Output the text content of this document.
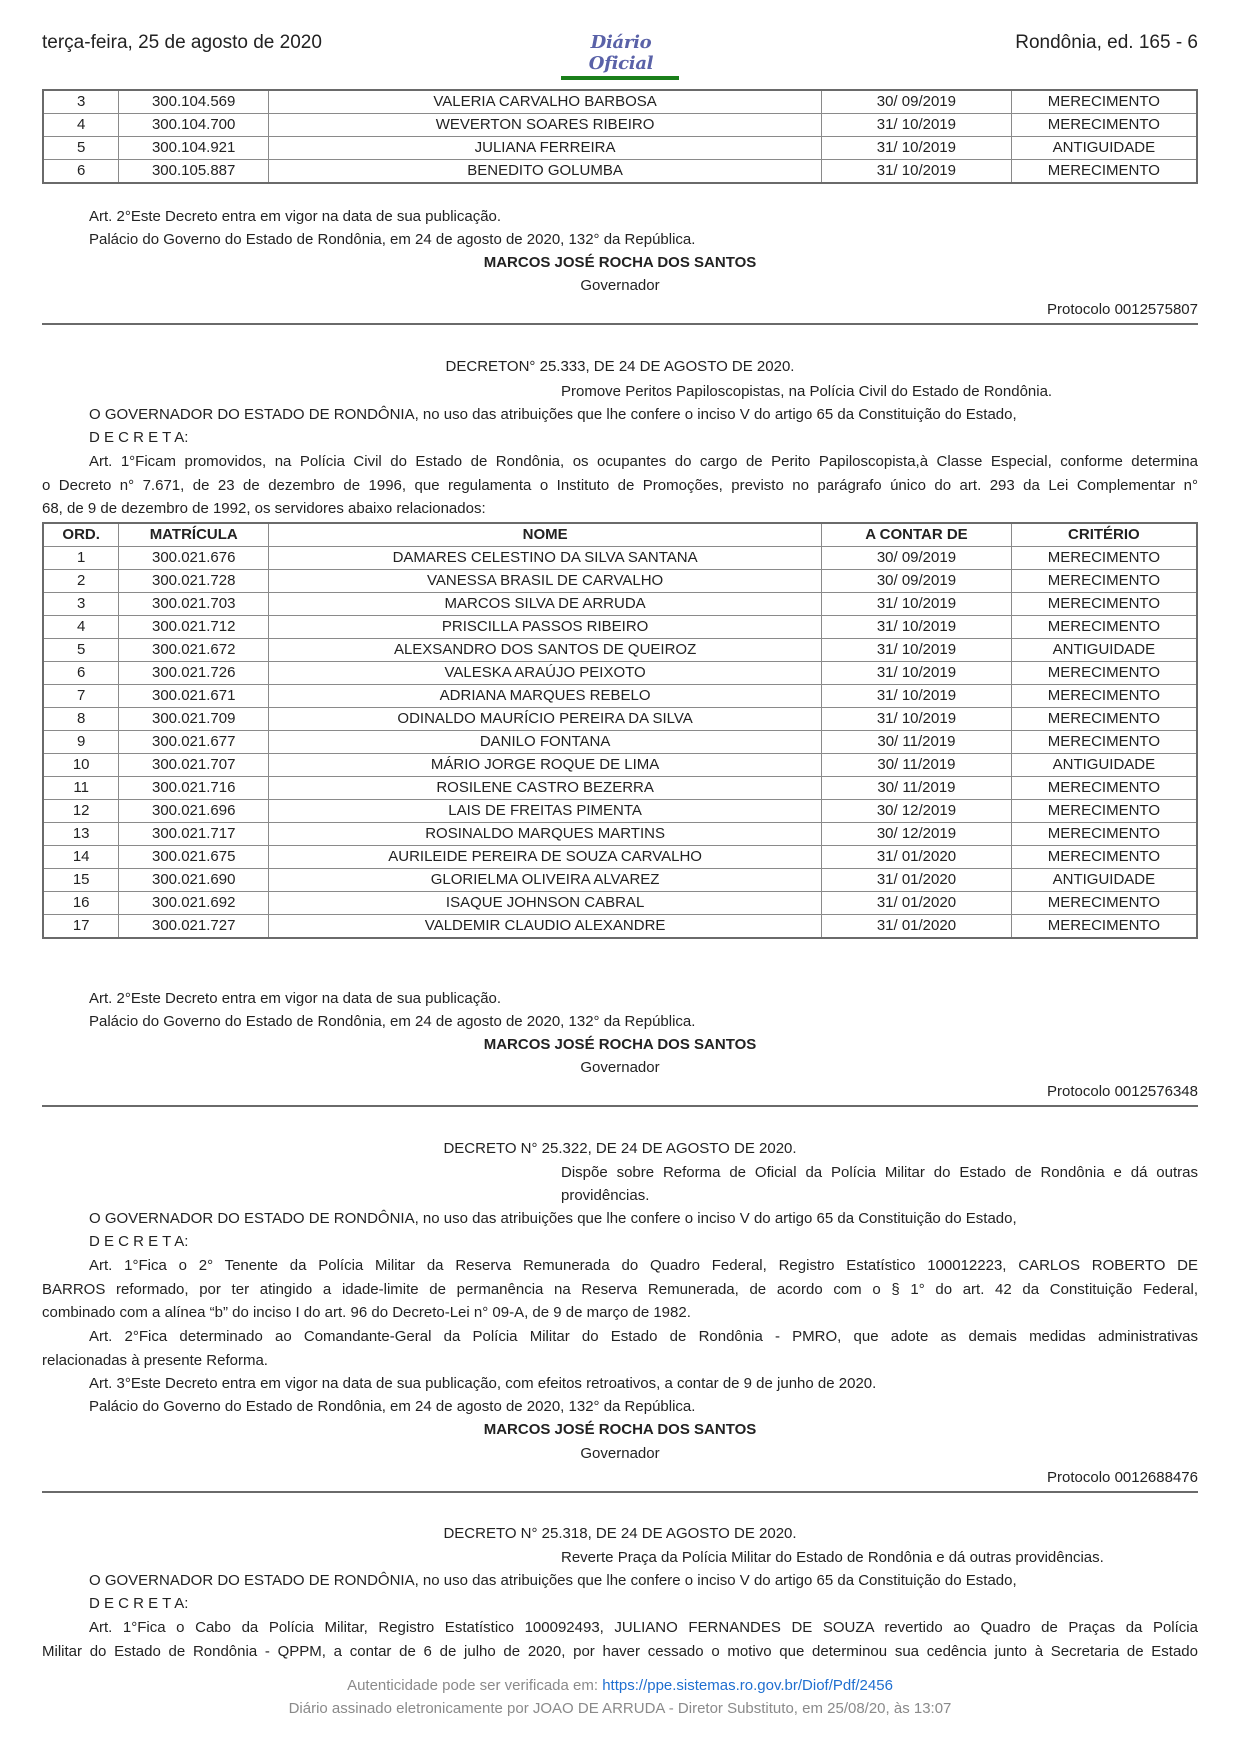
terça-feira, 25 de agosto de 2020	Diário Oficial
Rondônia, ed. 165 - 6
3	300.104.569	VALERIA CARVALHO BARBOSA	30/ 09/2019	MERECIMENTO
4	300.104.700	WEVERTON SOARES RIBEIRO	31/ 10/2019	MERECIMENTO
5	300.104.921	JULIANA FERREIRA	31/ 10/2019	ANTIGUIDADE
6	300.105.887	BENEDITO GOLUMBA	31/ 10/2019	MERECIMENTO
Art. 2°Este Decreto entra em vigor na data de sua publicação.
Palácio do Governo do Estado de Rondônia, em 24 de agosto de 2020, 132° da República.
MARCOS JOSÉ ROCHA DOS SANTOS
Governador
Protocolo 0012575807
DECRETON° 25.333, DE 24 DE AGOSTO DE 2020.
Promove Peritos Papiloscopistas, na Polícia Civil do Estado de Rondônia.
O GOVERNADOR DO ESTADO DE RONDÔNIA, no uso das atribuições que lhe confere o inciso V do artigo 65 da Constituição do Estado,
D E C R E T A:
Art. 1°Ficam promovidos, na Polícia Civil do Estado de Rondônia, os ocupantes do cargo de Perito Papiloscopista,à Classe Especial, conforme determina
o Decreto n° 7.671, de 23 de dezembro de 1996, que regulamenta o Instituto de Promoções, previsto no parágrafo único do art. 293 da Lei Complementar n°
68, de 9 de dezembro de 1992, os servidores abaixo relacionados:
ORD.	MATRÍCULA	NOME	A CONTAR DE	CRITÉRIO
1	300.021.676	DAMARES CELESTINO DA SILVA SANTANA	30/ 09/2019	MERECIMENTO
2	300.021.728	VANESSA BRASIL DE CARVALHO	30/ 09/2019	MERECIMENTO
3	300.021.703	MARCOS SILVA DE ARRUDA	31/ 10/2019	MERECIMENTO
4	300.021.712	PRISCILLA PASSOS RIBEIRO	31/ 10/2019	MERECIMENTO
5	300.021.672	ALEXSANDRO DOS SANTOS DE QUEIROZ	31/ 10/2019	ANTIGUIDADE
6	300.021.726	VALESKA ARAÚJO PEIXOTO	31/ 10/2019	MERECIMENTO
7	300.021.671	ADRIANA MARQUES REBELO	31/ 10/2019	MERECIMENTO
8	300.021.709	ODINALDO MAURÍCIO PEREIRA DA SILVA	31/ 10/2019	MERECIMENTO
9	300.021.677	DANILO FONTANA	30/ 11/2019	MERECIMENTO
10	300.021.707	MÁRIO JORGE ROQUE DE LIMA	30/ 11/2019	ANTIGUIDADE
11	300.021.716	ROSILENE CASTRO BEZERRA	30/ 11/2019	MERECIMENTO
12	300.021.696	LAIS DE FREITAS PIMENTA	30/ 12/2019	MERECIMENTO
13	300.021.717	ROSINALDO MARQUES MARTINS	30/ 12/2019	MERECIMENTO
14	300.021.675	AURILEIDE PEREIRA DE SOUZA CARVALHO	31/ 01/2020	MERECIMENTO
15	300.021.690	GLORIELMA OLIVEIRA ALVAREZ	31/ 01/2020	ANTIGUIDADE
16	300.021.692	ISAQUE JOHNSON CABRAL	31/ 01/2020	MERECIMENTO
17	300.021.727	VALDEMIR CLAUDIO ALEXANDRE	31/ 01/2020	MERECIMENTO
Art. 2°Este Decreto entra em vigor na data de sua publicação.
Palácio do Governo do Estado de Rondônia, em 24 de agosto de 2020, 132° da República.
MARCOS JOSÉ ROCHA DOS SANTOS
Governador
Protocolo 0012576348
DECRETO N° 25.322, DE 24 DE AGOSTO DE 2020.
Dispõe sobre Reforma de Oficial da Polícia Militar do Estado de Rondônia e dá outras
providências.
O GOVERNADOR DO ESTADO DE RONDÔNIA, no uso das atribuições que lhe confere o inciso V do artigo 65 da Constituição do Estado,
D E C R E T A:
Art. 1°Fica o 2° Tenente da Polícia Militar da Reserva Remunerada do Quadro Federal, Registro Estatístico 100012223, CARLOS ROBERTO DE
BARROS reformado, por ter atingido a idade-limite de permanência na Reserva Remunerada, de acordo com o § 1° do art. 42 da Constituição Federal,
combinado com a alínea “b” do inciso I do art. 96 do Decreto-Lei n° 09-A, de 9 de março de 1982.
Art. 2°Fica determinado ao Comandante-Geral da Polícia Militar do Estado de Rondônia - PMRO, que adote as demais medidas administrativas
relacionadas à presente Reforma.
Art. 3°Este Decreto entra em vigor na data de sua publicação, com efeitos retroativos, a contar de 9 de junho de 2020.
Palácio do Governo do Estado de Rondônia, em 24 de agosto de 2020, 132° da República.
MARCOS JOSÉ ROCHA DOS SANTOS
Governador
Protocolo 0012688476
DECRETO N° 25.318, DE 24 DE AGOSTO DE 2020.
Reverte Praça da Polícia Militar do Estado de Rondônia e dá outras providências.
O GOVERNADOR DO ESTADO DE RONDÔNIA, no uso das atribuições que lhe confere o inciso V do artigo 65 da Constituição do Estado,
D E C R E T A:
Art. 1°Fica o Cabo da Polícia Militar, Registro Estatístico 100092493, JULIANO FERNANDES DE SOUZA revertido ao Quadro de Praças da Polícia
Militar do Estado de Rondônia - QPPM, a contar de 6 de julho de 2020, por haver cessado o motivo que determinou sua cedência junto à Secretaria de Estado
Autenticidade pode ser verificada em: https://ppe.sistemas.ro.gov.br/Diof/Pdf/2456
Diário assinado eletronicamente por JOAO DE ARRUDA - Diretor Substituto, em 25/08/20, às 13:07
